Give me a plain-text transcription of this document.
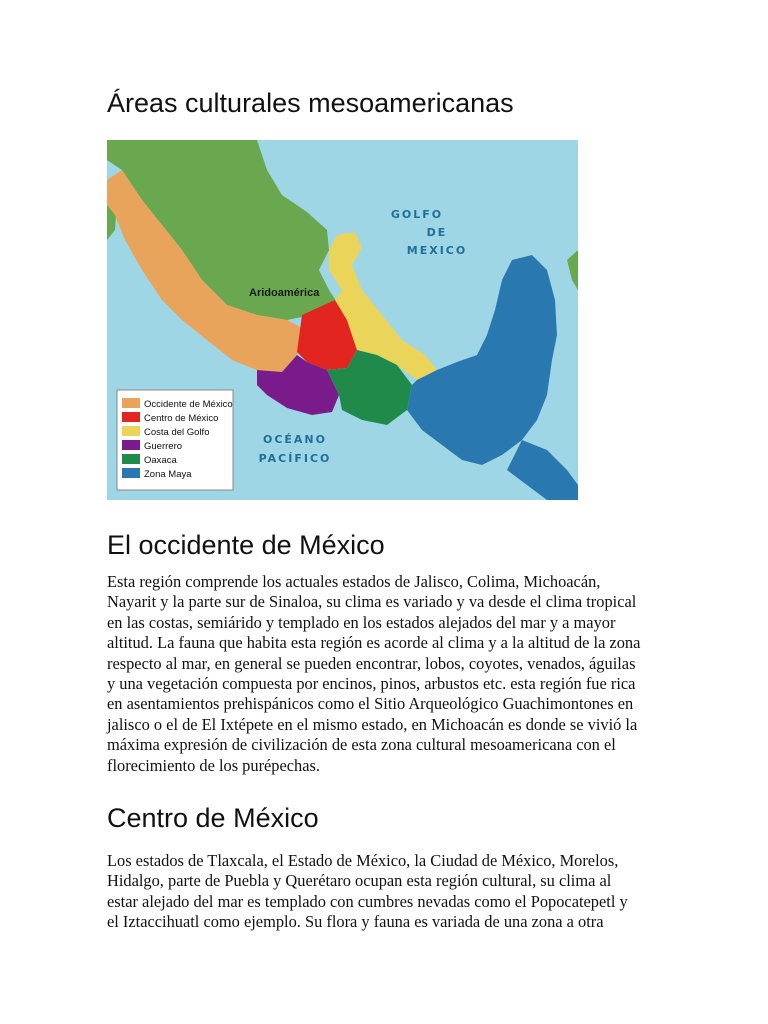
Áreas culturales mesoamericanas
GOLFO
DE
MEXICO
OCÉANO
PACÍFICO
Aridoamérica
Occidente de México
Centro de México
Costa del Golfo
Guerrero
Oaxaca
Zona Maya
El occidente de México

Esta región comprende los actuales estados de Jalisco, Colima, Michoacán,
Nayarit y la parte sur de Sinaloa, su clima es variado y va desde el clima tropical
en las costas, semiárido y templado en los estados alejados del mar y a mayor
altitud. La fauna que habita esta región es acorde al clima y a la altitud de la zona
respecto al mar, en general se pueden encontrar, lobos, coyotes, venados, águilas
y una vegetación compuesta por encinos, pinos, arbustos etc. esta región fue rica
en asentamientos prehispánicos como el Sitio Arqueológico Guachimontones en
jalisco o el de El Ixtépete en el mismo estado, en Michoacán es donde se vivió la
máxima expresión de civilización de esta zona cultural mesoamericana con el
florecimiento de los purépechas.

Centro de México

Los estados de Tlaxcala, el Estado de México, la Ciudad de México, Morelos,
Hidalgo, parte de Puebla y Querétaro ocupan esta región cultural, su clima al
estar alejado del mar es templado con cumbres nevadas como el Popocatepetl y
el Iztaccihuatl como ejemplo. Su flora y fauna es variada de una zona a otra
